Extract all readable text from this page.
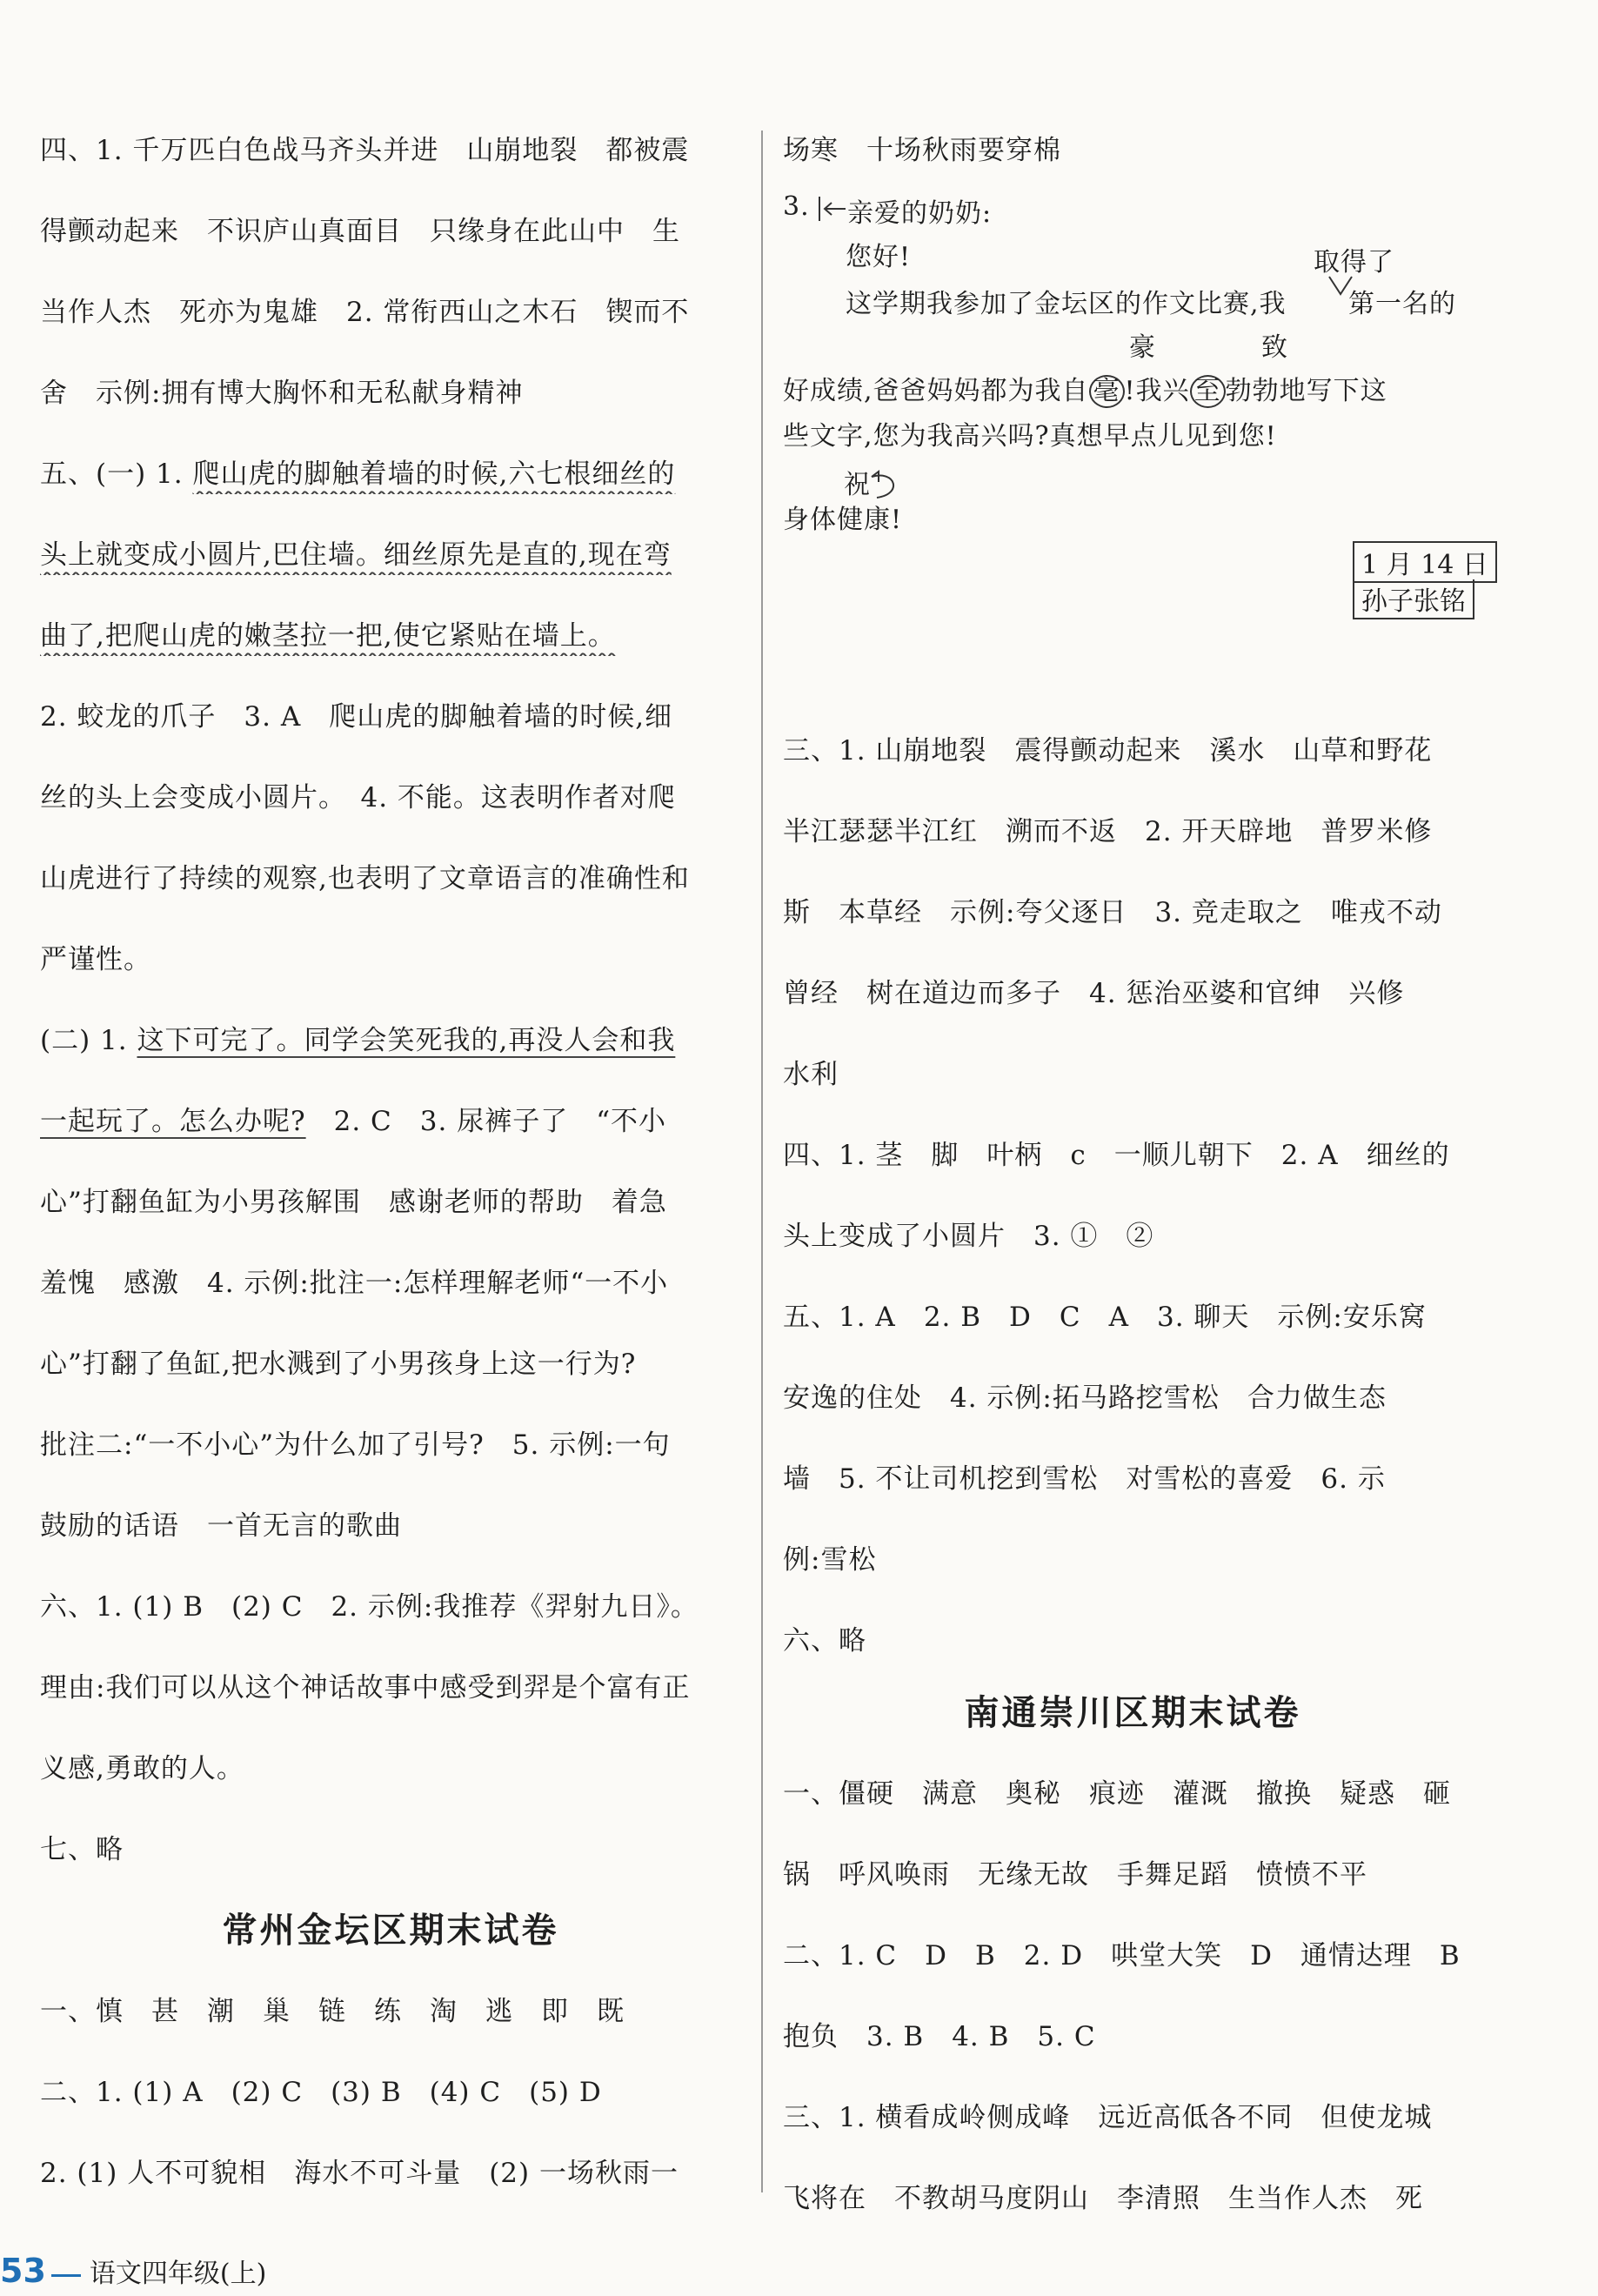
四、1. 千万匹白色战马齐头并进　山崩地裂　都被震
得颤动起来　不识庐山真面目　只缘身在此山中　生
当作人杰　死亦为鬼雄　2. 常衔西山之木石　锲而不
舍　示例:拥有博大胸怀和无私献身精神
五、(一) 1. 爬山虎的脚触着墙的时候,六七根细丝的
头上就变成小圆片,巴住墙。细丝原先是直的,现在弯
曲了,把爬山虎的嫩茎拉一把,使它紧贴在墙上。
2. 蛟龙的爪子　3. A　爬山虎的脚触着墙的时候,细
丝的头上会变成小圆片。　4. 不能。这表明作者对爬
山虎进行了持续的观察,也表明了文章语言的准确性和
严谨性。
(二) 1. 这下可完了。同学会笑死我的,再没人会和我
一起玩了。怎么办呢?　2. C　3. 尿裤子了　“不小
心”打翻鱼缸为小男孩解围　感谢老师的帮助　着急
羞愧　感激　4. 示例:批注一:怎样理解老师“一不小
心”打翻了鱼缸,把水溅到了小男孩身上这一行为?
批注二:“一不小心”为什么加了引号?　5. 示例:一句
鼓励的话语　一首无言的歌曲
六、1. (1) B　(2) C　2. 示例:我推荐《羿射九日》。
理由:我们可以从这个神话故事中感受到羿是个富有正
义感,勇敢的人。
七、略
常州金坛区期末试卷
一、慎　甚　潮　巢　链　练　淘　逃　即　既
二、1. (1) A　(2) C　(3) B　(4) C　(5) D
2. (1) 人不可貌相　海水不可斗量　(2) 一场秋雨一
场寒　十场秋雨要穿棉
3. 亲爱的奶奶:
您好!	取得了
这学期我参加了金坛区的作文比赛,我 第一名的
豪	致
好成绩,爸爸妈妈都为我自 毫 !我兴 至 勃勃地写下这
些文字,您为我高兴吗?真想早点儿见到您!
祝
身体健康!
1 月 14 日
孙子张铭
三、1. 山崩地裂　震得颤动起来　溪水　山草和野花
半江瑟瑟半江红　溯而不返　2. 开天辟地　普罗米修
斯　本草经　示例:夸父逐日　3. 竞走取之　唯戎不动
曾经　树在道边而多子　4. 惩治巫婆和官绅　兴修
水利
四、1. 茎　脚　叶柄　c　一顺儿朝下　2. A　细丝的
头上变成了小圆片　3. ①　②
五、1. A　2. B　D　C　A　3. 聊天　示例:安乐窝
安逸的住处　4. 示例:拓马路挖雪松　合力做生态
墙　5. 不让司机挖到雪松　对雪松的喜爱　6. 示
例:雪松
六、略
南通崇川区期末试卷
一、僵硬　满意　奥秘　痕迹　灌溉　撤换　疑惑　砸
锅　呼风唤雨　无缘无故　手舞足蹈　愤愤不平
二、1. C　D　B　2. D　哄堂大笑　D　通情达理　B
抱负　3. B　4. B　5. C
三、1. 横看成岭侧成峰　远近高低各不同　但使龙城
飞将在　不教胡马度阴山　李清照　生当作人杰　死
53 语文四年级(上)
